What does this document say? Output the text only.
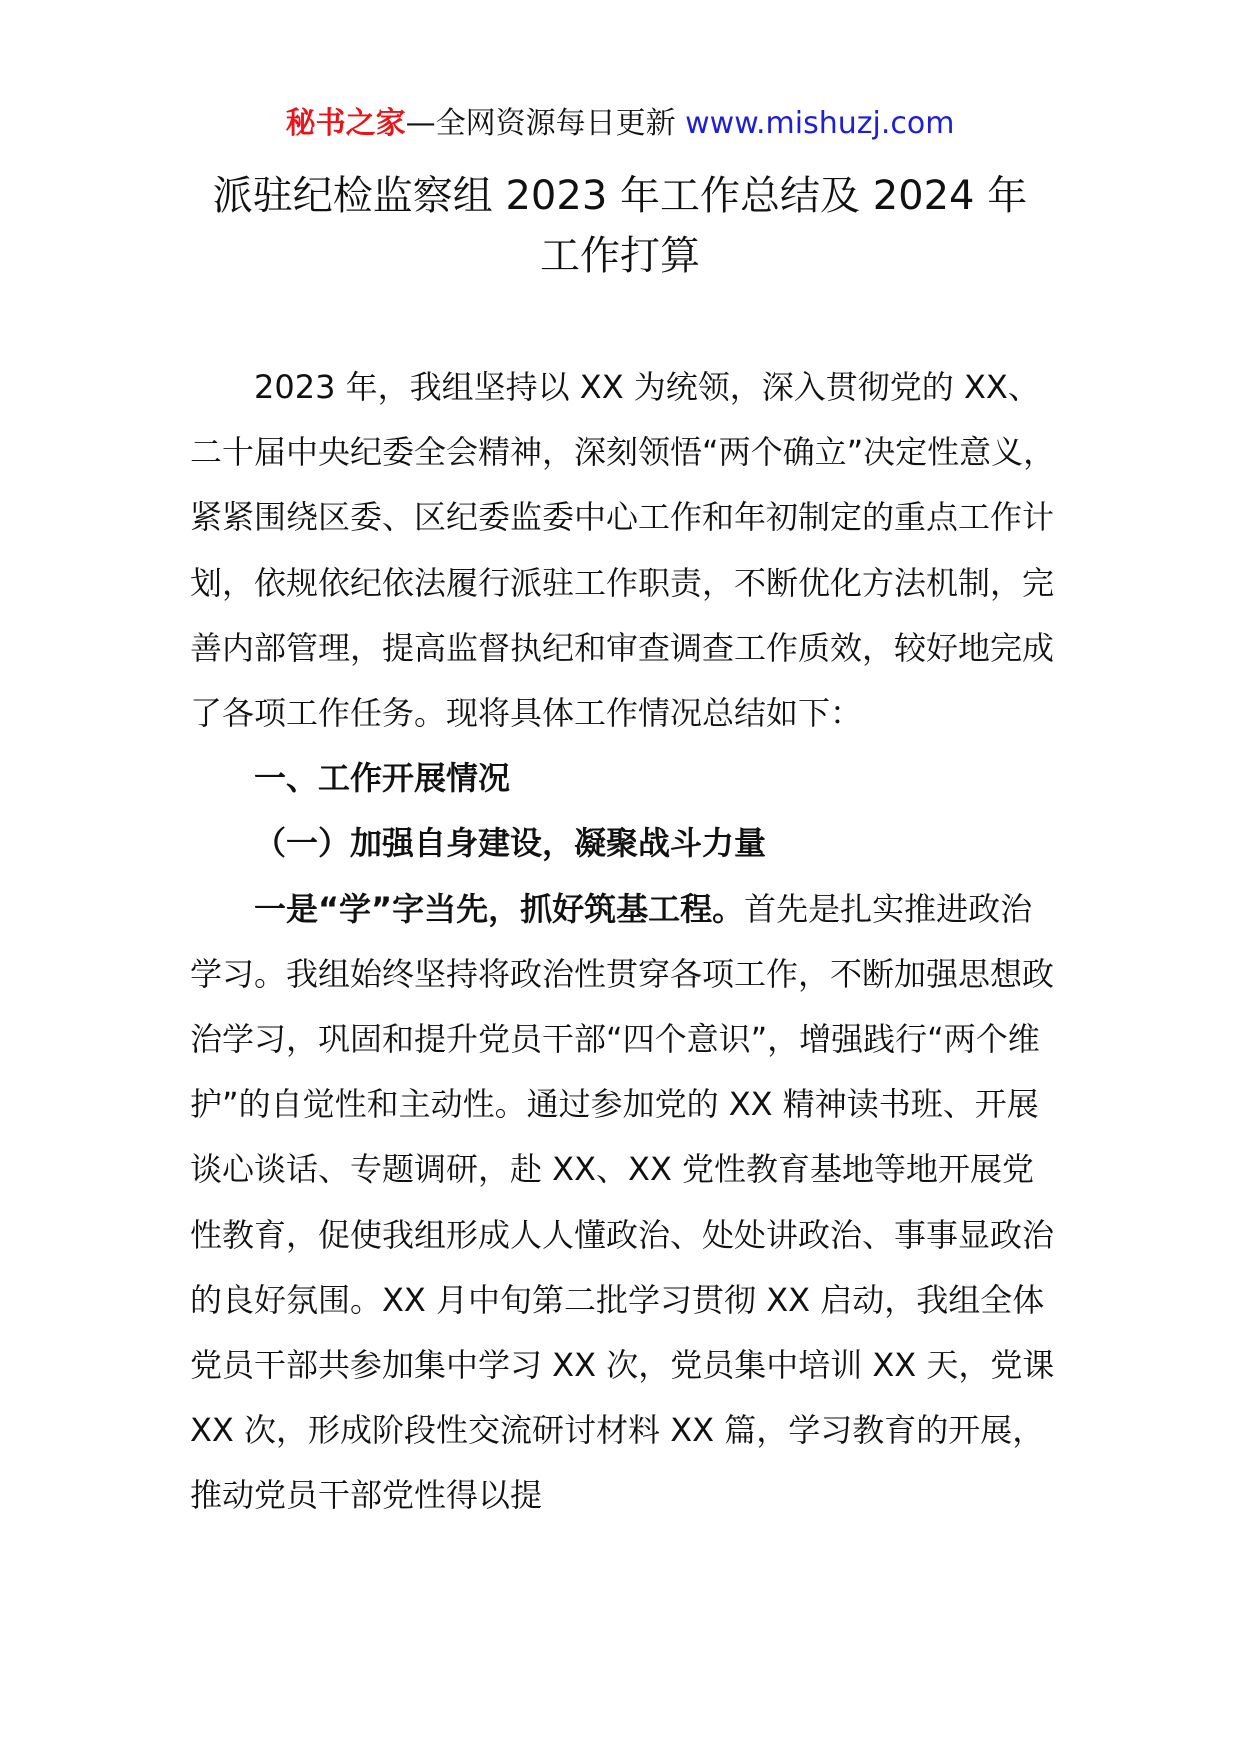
秘书之家—全网资源每日更新 www.mishuzj.com
派驻纪检监察组 2023 年工作总结及 2024 年
工作打算

2023 年，我组坚持以 XX 为统领，深入贯彻党的 XX、二十届中央纪委全会精神，深刻领悟“两个确立”决定性意义，紧紧围绕区委、区纪委监委中心工作和年初制定的重点工作计划，依规依纪依法履行派驻工作职责，不断优化方法机制，完善内部管理，提高监督执纪和审查调查工作质效，较好地完成了各项工作任务。现将具体工作情况总结如下：

一、工作开展情况

（一）加强自身建设，凝聚战斗力量

一是“学”字当先，抓好筑基工程。首先是扎实推进政治学习。我组始终坚持将政治性贯穿各项工作，不断加强思想政治学习，巩固和提升党员干部“四个意识”，增强践行“两个维护”的自觉性和主动性。通过参加党的 XX 精神读书班、开展谈心谈话、专题调研，赴 XX、XX 党性教育基地等地开展党性教育，促使我组形成人人懂政治、处处讲政治、事事显政治的良好氛围。XX 月中旬第二批学习贯彻 XX 启动，我组全体党员干部共参加集中学习 XX 次，党员集中培训 XX 天，党课 XX 次，形成阶段性交流研讨材料 XX 篇，学习教育的开展，推动党员干部党性得以提
